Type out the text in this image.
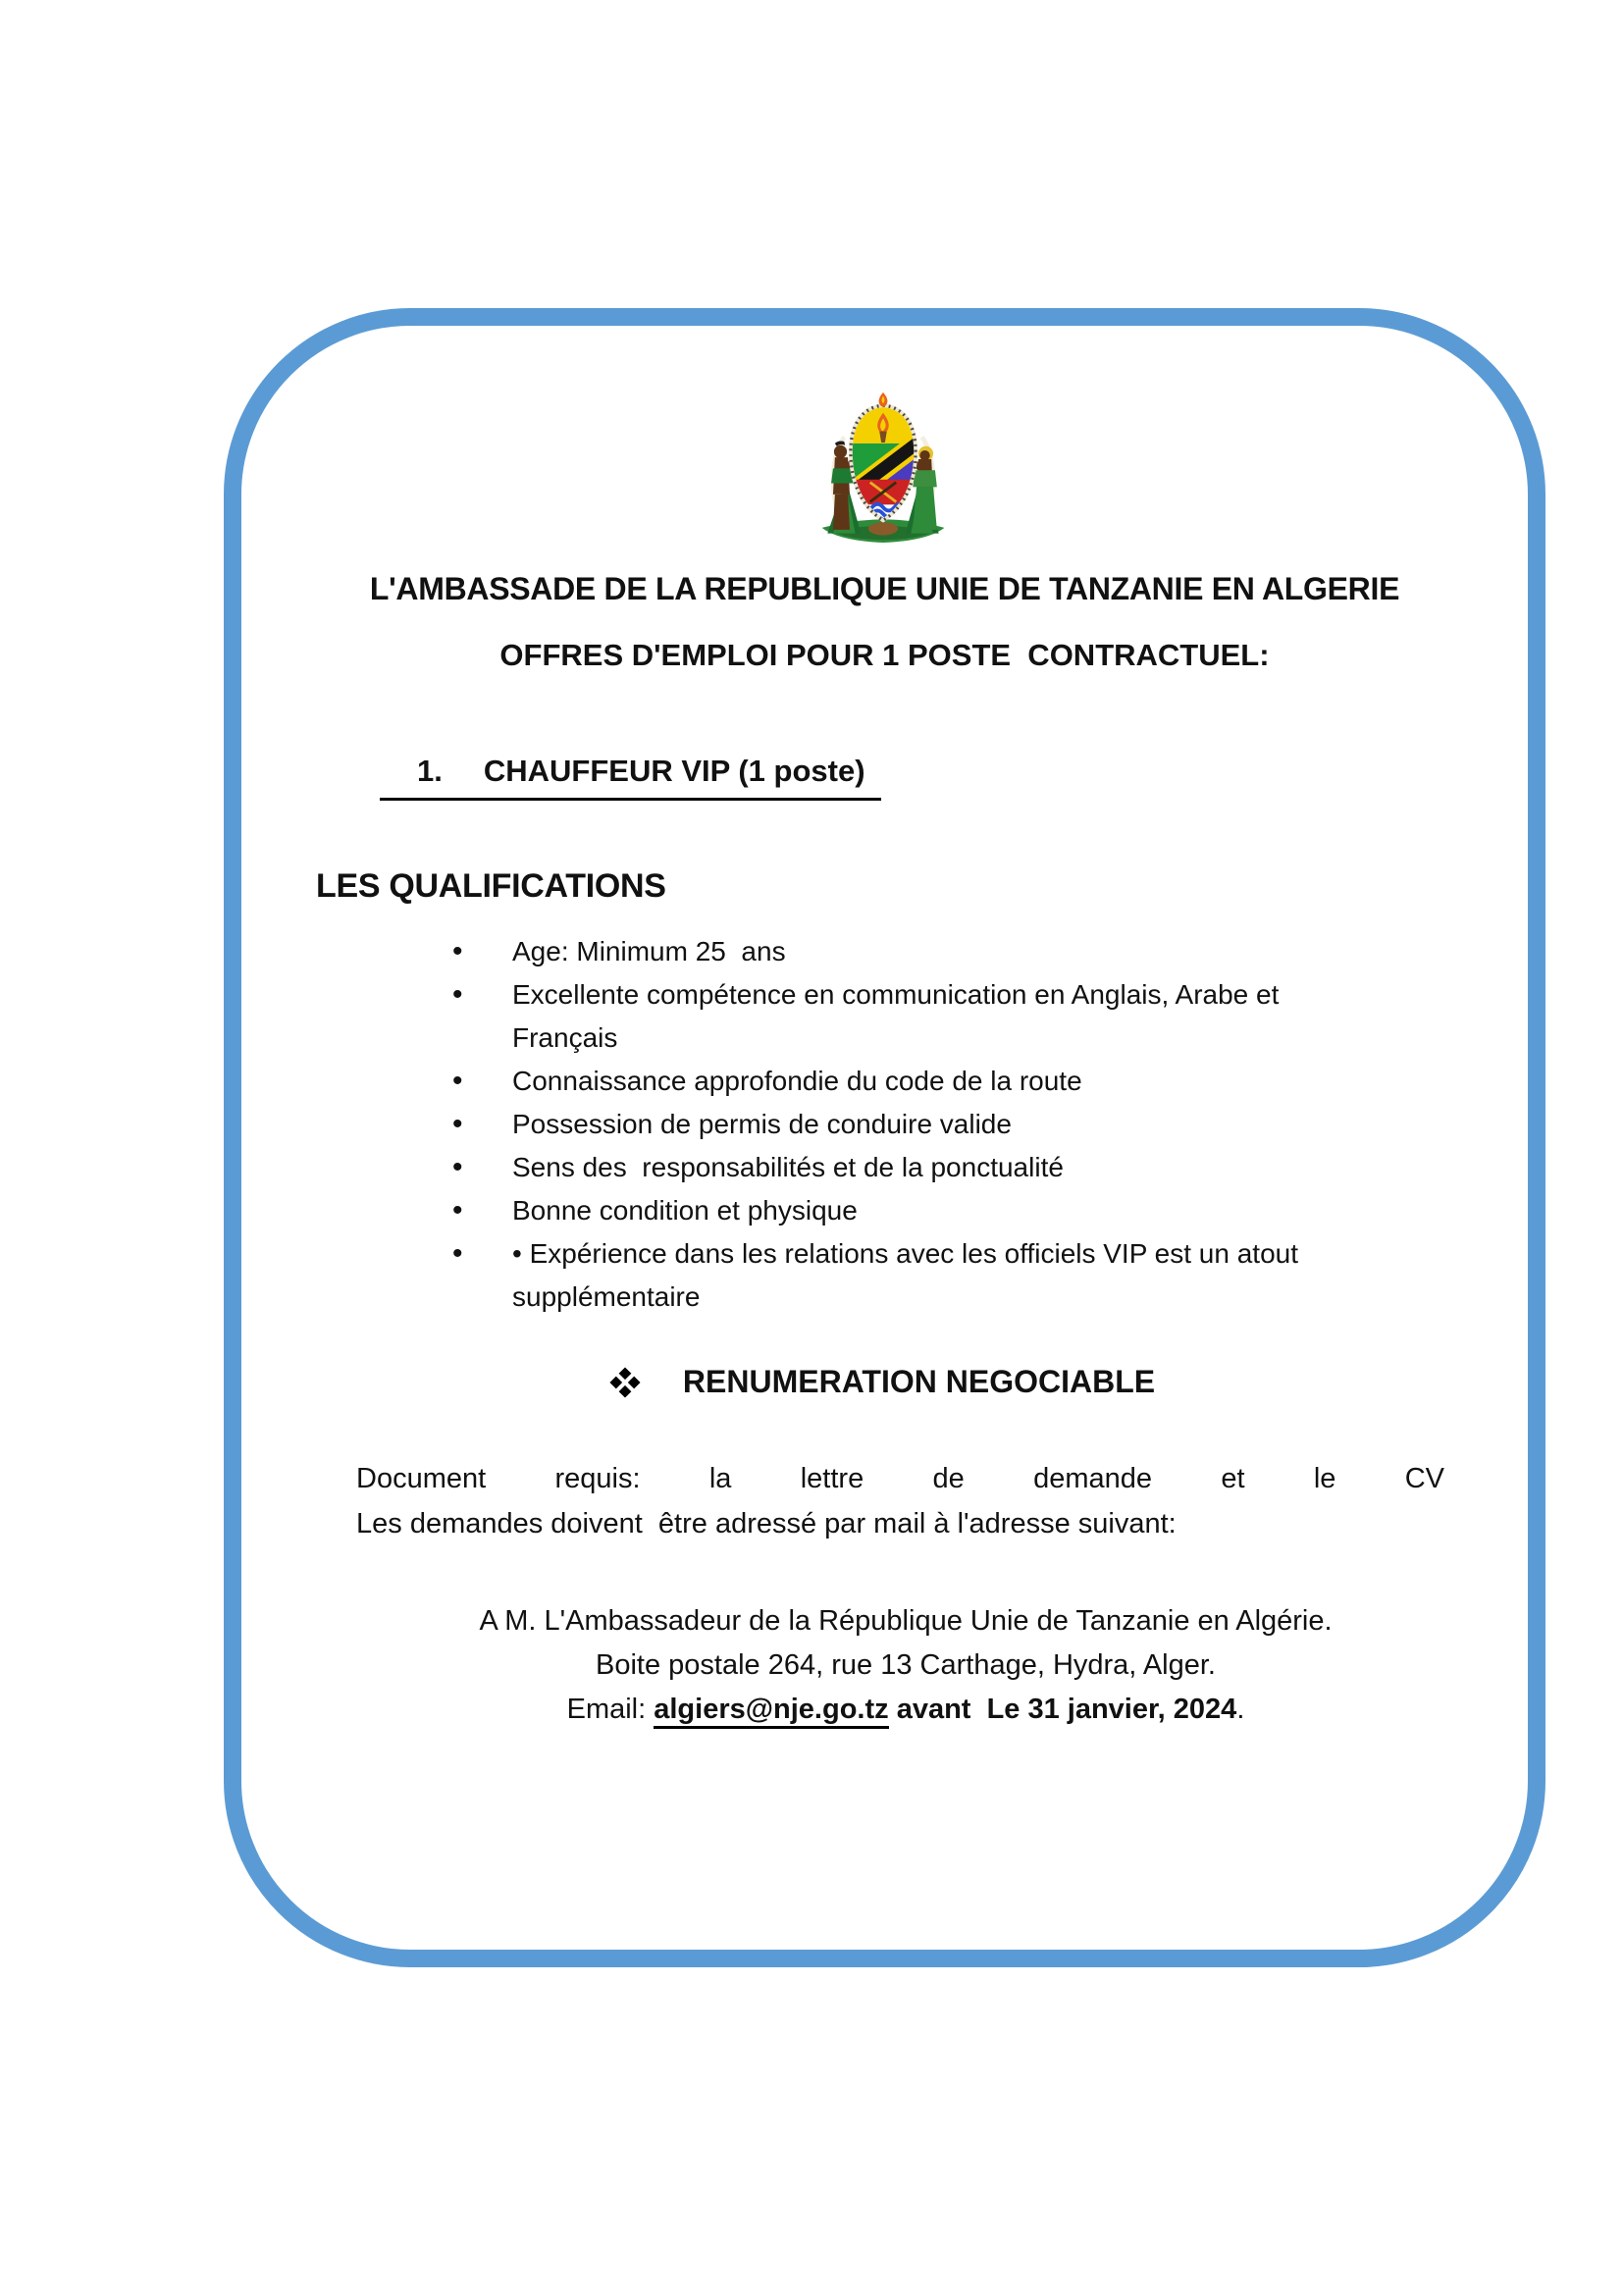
L'AMBASSADE DE LA REPUBLIQUE UNIE DE TANZANIE EN ALGERIE
OFFRES D'EMPLOI POUR 1 POSTE  CONTRACTUEL:
1. CHAUFFEUR VIP (1 poste)
LES QUALIFICATIONS
• Age: Minimum 25  ans
• Excellente compétence en communication en Anglais, Arabe et
Français
• Connaissance approfondie du code de la route
• Possession de permis de conduire valide
• Sens des  responsabilités et de la ponctualité
• Bonne condition et physique
• • Expérience dans les relations avec les officiels VIP est un atout
supplémentaire
RENUMERATION NEGOCIABLE
Document requis: la lettre de demande et le CV
Les demandes doivent  être adressé par mail à l'adresse suivant:
A M. L'Ambassadeur de la République Unie de Tanzanie en Algérie.
Boite postale 264, rue 13 Carthage, Hydra, Alger.
Email: algiers@nje.go.tz avant  Le 31 janvier, 2024.
